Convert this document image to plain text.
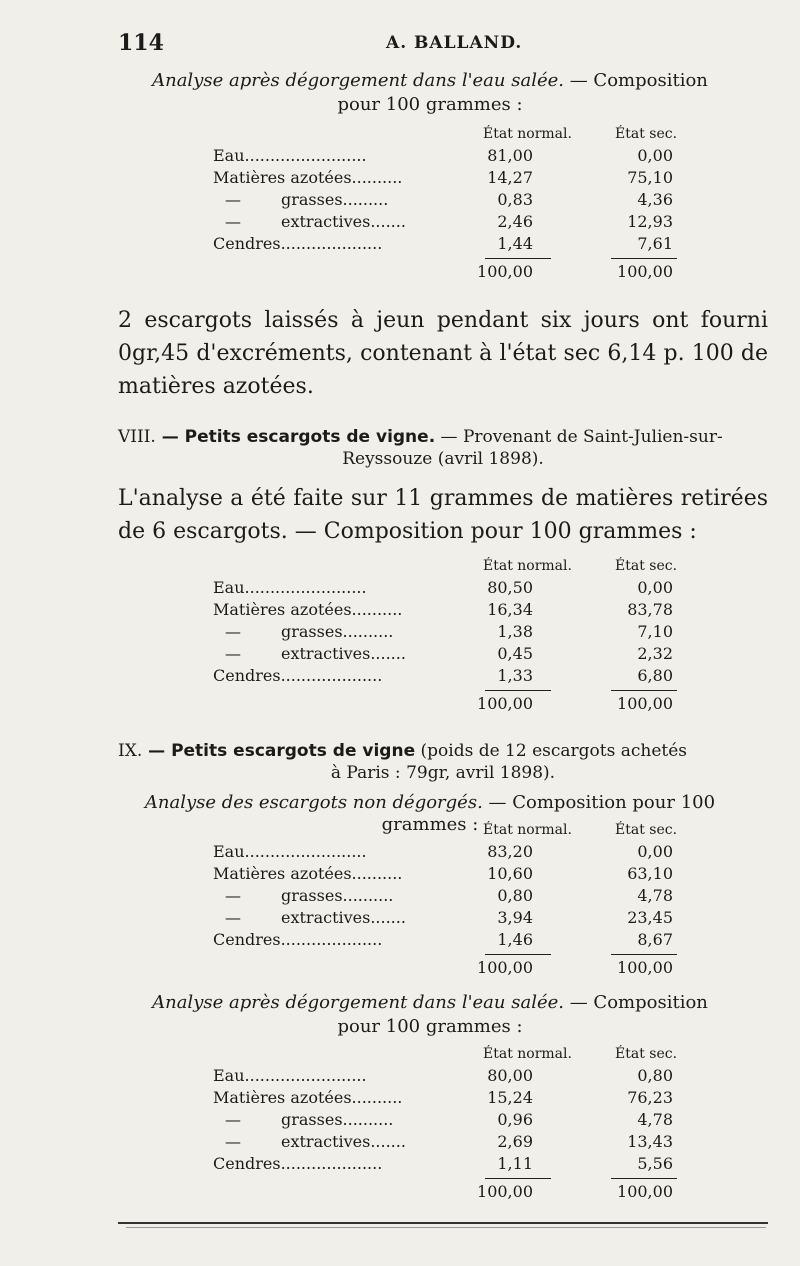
114	A. BALLAND.
Analyse après dégorgement dans l'eau salée. — Composition
pour 100 grammes :
État normal.	État sec.
Eau........................	81,00	0,00
Matières azotées..........	14,27	75,10
—	grasses.........	0,83	4,36
—	extractives.......	2,46	12,93
Cendres....................	1,44	7,61
100,00	100,00

2 escargots laissés à jeun pendant six jours ont fourni 0gr,45 d'excréments, contenant à l'état sec 6,14 p. 100 de matières azotées.

VIII. — Petits escargots de vigne. — Provenant de Saint-Julien-sur-
Reyssouze (avril 1898).

L'analyse a été faite sur 11 grammes de matières retirées de 6 escargots. — Composition pour 100 grammes :

État normal.	État sec.
Eau........................	80,50	0,00
Matières azotées..........	16,34	83,78
—	grasses..........	1,38	7,10
—	extractives.......	0,45	2,32
Cendres....................	1,33	6,80
100,00	100,00
IX. — Petits escargots de vigne (poids de 12 escargots achetés
à Paris : 79gr, avril 1898).
Analyse des escargots non dégorgés. — Composition pour 100 grammes : État normal.	État sec.
Eau........................	83,20	0,00
Matières azotées..........	10,60	63,10
—	grasses..........	0,80	4,78
—	extractives.......	3,94	23,45
Cendres....................	1,46	8,67
100,00	100,00
Analyse après dégorgement dans l'eau salée. — Composition
pour 100 grammes :
État normal.	État sec.
Eau........................	80,00	0,80
Matières azotées..........	15,24	76,23
—	grasses..........	0,96	4,78
—	extractives.......	2,69	13,43
Cendres....................	1,11	5,56
100,00	100,00
